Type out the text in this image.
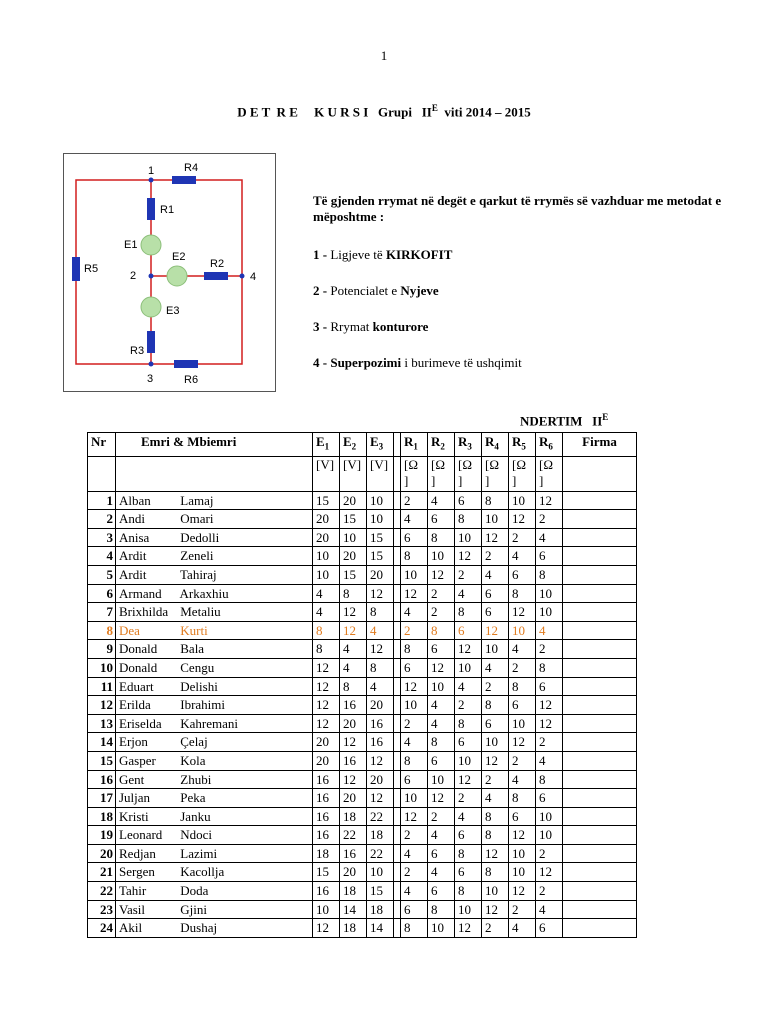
1
D E T  R E     K U R S I   Grupi   $II^E$  viti 2014 – 2015
1
2
3
4
R1
R2
R3
R4
R5
R6
E1
E2
E3
Të gjenden rrymat në degët e qarkut të rrymës së vazhduar me metodat e mëposhtme :
1 - Ligjeve të KIRKOFIT
2 - Potencialet e Nyjeve
3 - Rrymat konturore
4 - Superpozimi i burimeve të ushqimit
NDERTIM   $II^E$
Nr	Emri & Mbiemri	$E_1$	$E_2$	$E_3$		$R_1$	$R_2$	$R_3$	$R_4$	$R_5$	$R_6$	Firma
		[V]	[V]	[V]		[Ω ]	[Ω ]	[Ω ]	[Ω ]	[Ω ]	[Ω ]	
1	Alban Lamaj	15	20	10		2	4	6	8	10	12	
2	Andi Omari	20	15	10		4	6	8	10	12	2	
3	Anisa Dedolli	20	10	15		6	8	10	12	2	4	
4	Ardit Zeneli	10	20	15		8	10	12	2	4	6	
5	Ardit Tahiraj	10	15	20		10	12	2	4	6	8	
6	Armand Arkaxhiu	4	8	12		12	2	4	6	8	10	
7	Brixhilda Metaliu	4	12	8		4	2	8	6	12	10	
8	Dea Kurti	8	12	4		2	8	6	12	10	4	
9	Donald Bala	8	4	12		8	6	12	10	4	2	
10	Donald Cengu	12	4	8		6	12	10	4	2	8	
11	Eduart Delishi	12	8	4		12	10	4	2	8	6	
12	Erilda Ibrahimi	12	16	20		10	4	2	8	6	12	
13	Eriselda Kahremani	12	20	16		2	4	8	6	10	12	
14	Erjon Çelaj	20	12	16		4	8	6	10	12	2	
15	Gasper Kola	20	16	12		8	6	10	12	2	4	
16	Gent Zhubi	16	12	20		6	10	12	2	4	8	
17	Juljan Peka	16	20	12		10	12	2	4	8	6	
18	Kristi Janku	16	18	22		12	2	4	8	6	10	
19	Leonard Ndoci	16	22	18		2	4	6	8	12	10	
20	Redjan Lazimi	18	16	22		4	6	8	12	10	2	
21	Sergen Kacollja	15	20	10		2	4	6	8	10	12	
22	Tahir Doda	16	18	15		4	6	8	10	12	2	
23	Vasil Gjini	10	14	18		6	8	10	12	2	4	
24	Akil Dushaj	12	18	14		8	10	12	2	4	6	
